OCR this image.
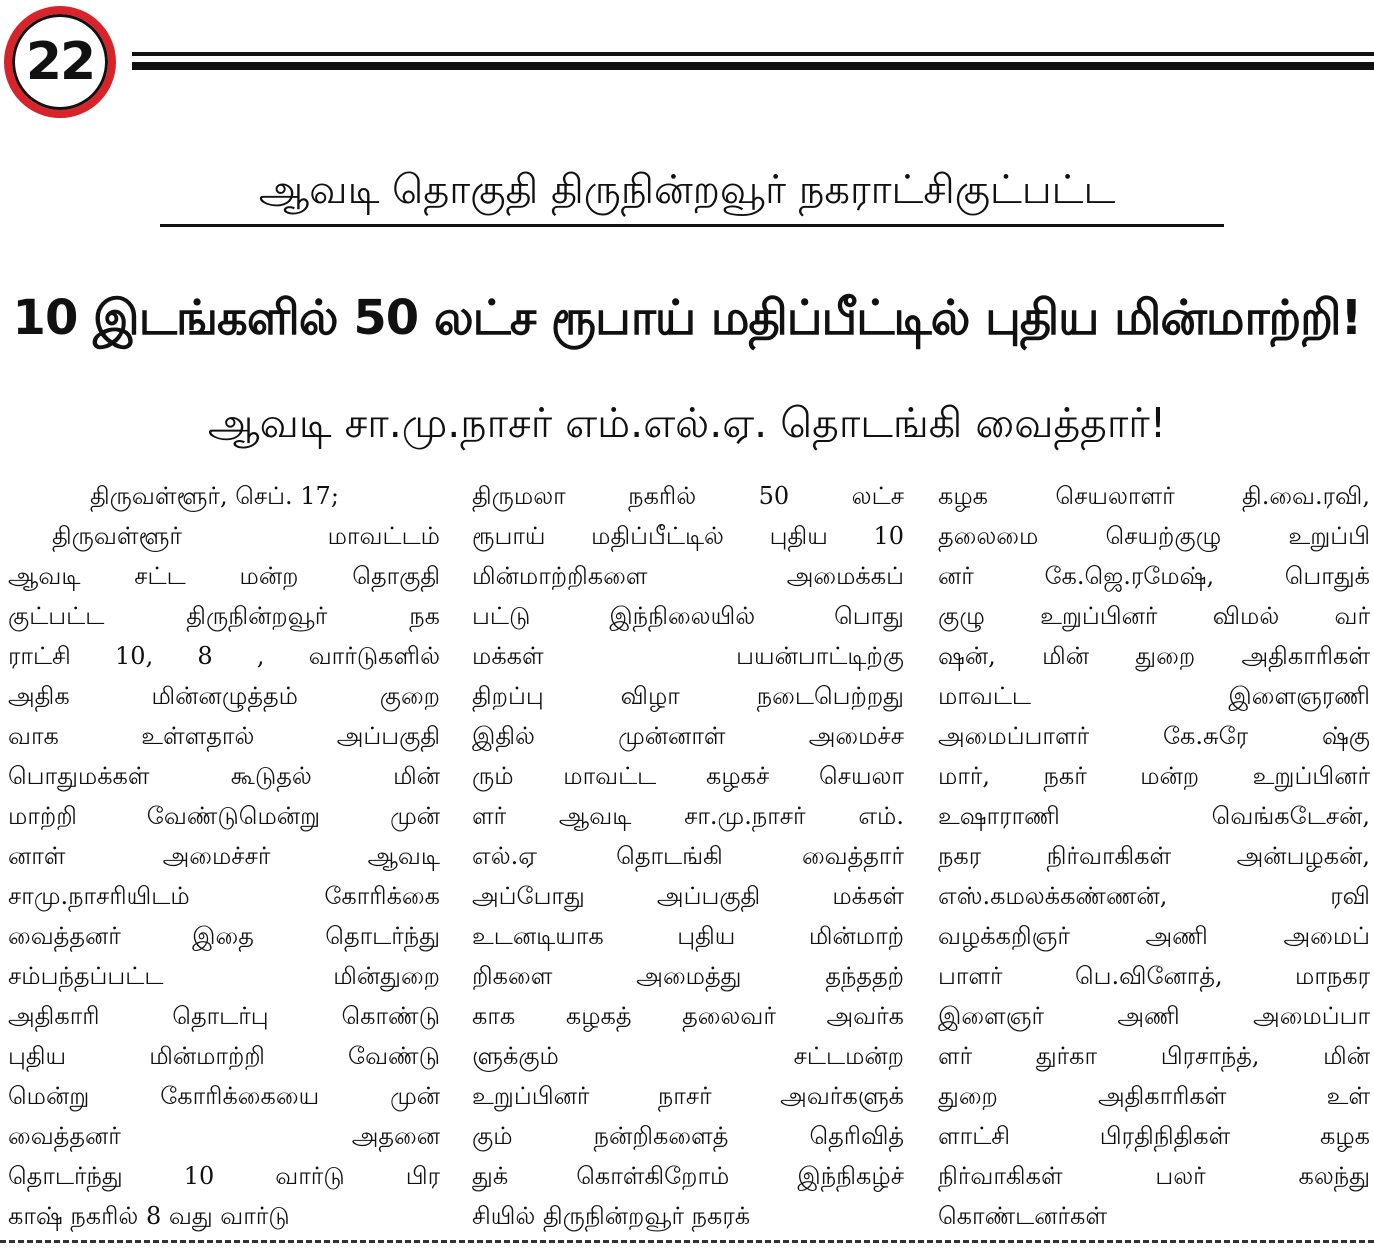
22
ஆவடி தொகுதி திருநின்றவூர் நகராட்சிகுட்பட்ட
10 இடங்களில் 50 லட்ச ரூபாய் மதிப்பீட்டில் புதிய மின்மாற்றி!
ஆவடி சா.மு.நாசர் எம்.எல்.ஏ. தொடங்கி வைத்தார்!
திருவள்ளூர், செப். 17;
திருவள்ளூர் மாவட்டம்
ஆவடி சட்ட மன்ற தொகுதி
குட்பட்ட திருநின்றவூர் நக
ராட்சி 10, 8 , வார்டுகளில்
அதிக மின்னழுத்தம் குறை
வாக உள்ளதால் அப்பகுதி
பொதுமக்கள் கூடுதல் மின்
மாற்றி வேண்டுமென்று முன்
னாள் அமைச்சர் ஆவடி
சாமு.நாசரியிடம் கோரிக்கை
வைத்தனர் இதை தொடர்ந்து
சம்பந்தப்பட்ட மின்துறை
அதிகாரி தொடர்பு கொண்டு
புதிய மின்மாற்றி வேண்டு
மென்று கோரிக்கையை முன்
வைத்தனர் அதனை
தொடர்ந்து 10 வார்டு பிர
காஷ் நகரில் 8 வது வார்டு
திருமலா நகரில் 50 லட்ச
ரூபாய் மதிப்பீட்டில் புதிய 10
மின்மாற்றிகளை அமைக்கப்
பட்டு இந்நிலையில் பொது
மக்கள் பயன்பாட்டிற்கு
திறப்பு விழா நடைபெற்றது
இதில் முன்னாள் அமைச்ச
ரும் மாவட்ட கழகச் செயலா
ளர் ஆவடி சா.மு.நாசர் எம்.
எல்.ஏ தொடங்கி வைத்தார்
அப்போது அப்பகுதி மக்கள்
உடனடியாக புதிய மின்மாற்
றிகளை அமைத்து தந்ததற்
காக கழகத் தலைவர் அவர்க
ளுக்கும் சட்டமன்ற
உறுப்பினர் நாசர் அவர்களுக்
கும் நன்றிகளைத் தெரிவித்
துக் கொள்கிறோம் இந்நிகழ்ச்
சியில் திருநின்றவூர் நகரக்
கழக செயலாளர் தி.வை.ரவி,
தலைமை செயற்குழு உறுப்பி
னர் கே.ஜெ.ரமேஷ், பொதுக்
குழு உறுப்பினர் விமல் வர்
ஷன், மின் துறை அதிகாரிகள்
மாவட்ட இளைஞரணி
அமைப்பாளர் கே.சுரே ஷ்கு
மார், நகர் மன்ற உறுப்பினர்
உஷாராணி வெங்கடேசன்,
நகர நிர்வாகிகள் அன்பழகன்,
எஸ்.கமலக்கண்ணன், ரவி
வழக்கறிஞர் அணி அமைப்
பாளர் பெ.வினோத், மாநகர
இளைஞர் அணி அமைப்பா
ளர் துர்கா பிரசாந்த், மின்
துறை அதிகாரிகள் உள்
ளாட்சி பிரதிநிதிகள் கழக
நிர்வாகிகள் பலர் கலந்து
கொண்டனர்கள்
